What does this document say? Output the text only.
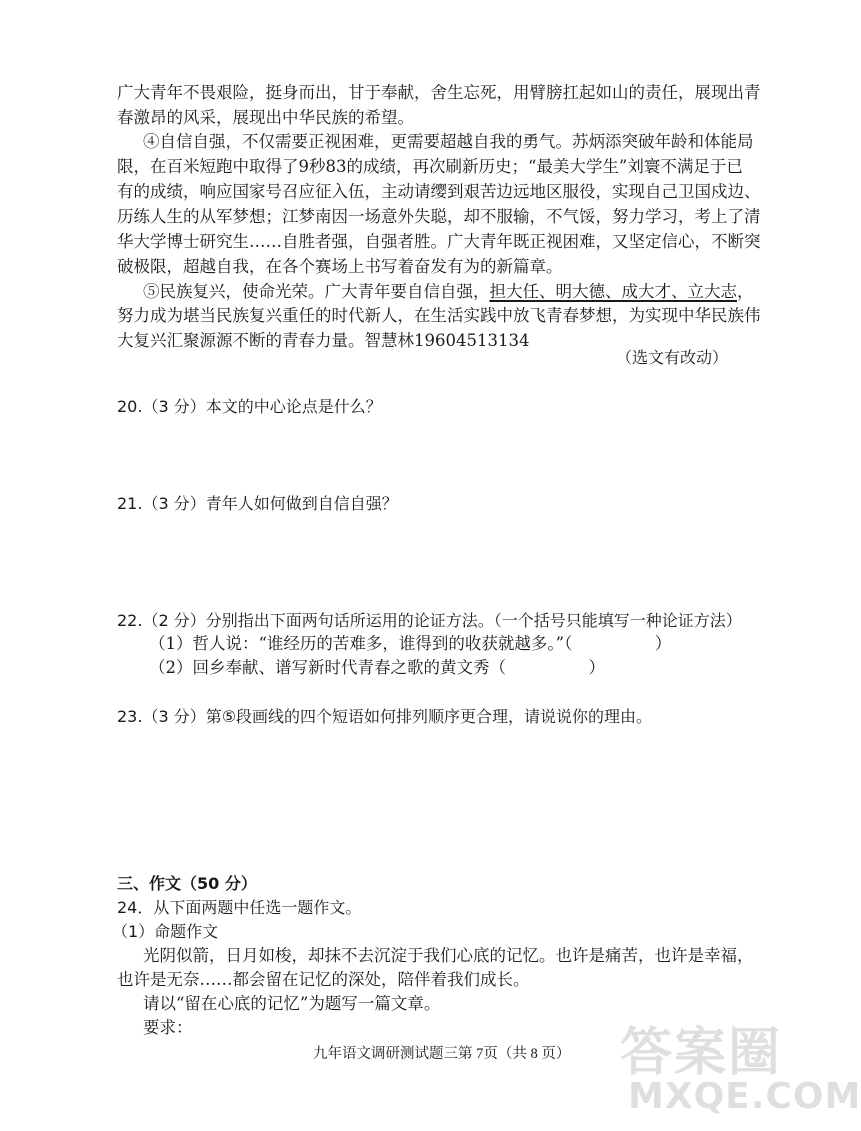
广大青年不畏艰险，挺身而出，甘于奉献，舍生忘死，用臂膀扛起如山的责任，展现出青
春激昂的风采，展现出中华民族的希望。
④自信自强，不仅需要正视困难，更需要超越自我的勇气。苏炳添突破年龄和体能局
限，在百米短跑中取得了9秒83的成绩，再次刷新历史；“最美大学生”刘寰不满足于已
有的成绩，响应国家号召应征入伍，主动请缨到艰苦边远地区服役，实现自己卫国戍边、
历练人生的从军梦想；江梦南因一场意外失聪，却不服输，不气馁，努力学习，考上了清
华大学博士研究生……自胜者强，自强者胜。广大青年既正视困难，又坚定信心，不断突
破极限，超越自我，在各个赛场上书写着奋发有为的新篇章。
⑤民族复兴，使命光荣。广大青年要自信自强，担大任、明大德、成大才、立大志，
努力成为堪当民族复兴重任的时代新人，在生活实践中放飞青春梦想，为实现中华民族伟
大复兴汇聚源源不断的青春力量。智慧林19604513134
（选文有改动）
20.（3 分）本文的中心论点是什么？
21.（3 分）青年人如何做到自信自强？
22.（2 分）分别指出下面两句话所运用的论证方法。（一个括号只能填写一种论证方法）
（1）哲人说：“谁经历的苦难多，谁得到的收获就越多。”（　　　　　）
（2）回乡奉献、谱写新时代青春之歌的黄文秀（　　　　　）
23.（3 分）第⑤段画线的四个短语如何排列顺序更合理，请说说你的理由。
三、作文（50 分）
24．从下面两题中任选一题作文。
（1）命题作文
光阴似箭，日月如梭，却抹不去沉淀于我们心底的记忆。也许是痛苦，也许是幸福，
也许是无奈……都会留在记忆的深处，陪伴着我们成长。
请以“留在心底的记忆”为题写一篇文章。
要求：
九年语文调研测试题三第 7页（共 8 页） 答案圈
MXQE.COM
